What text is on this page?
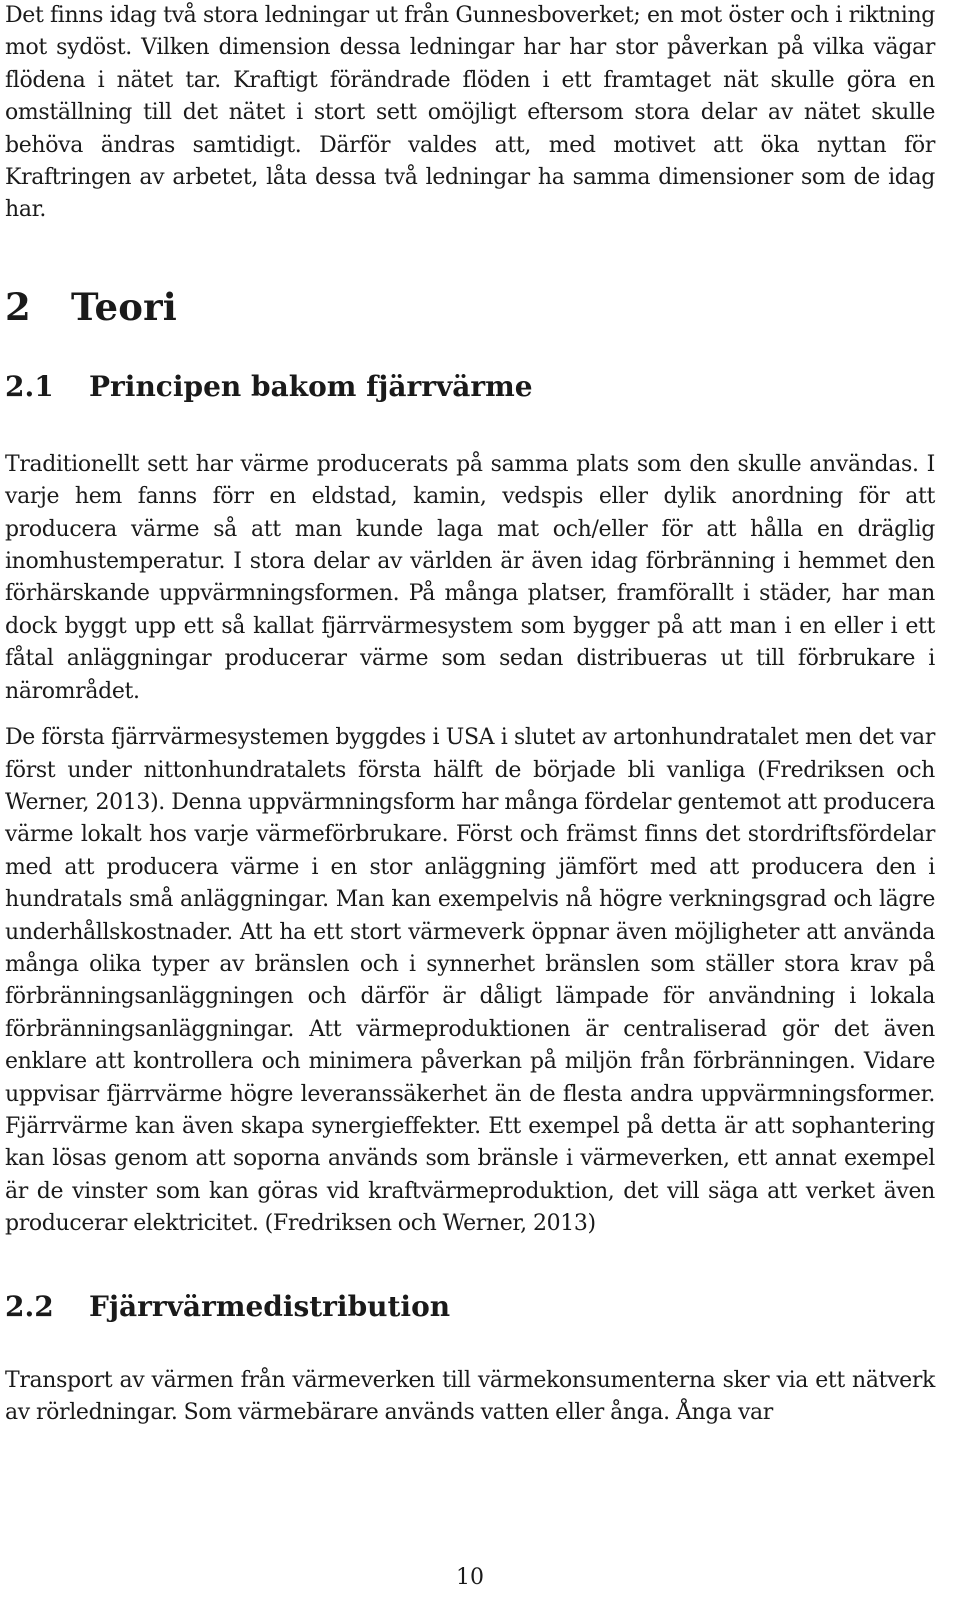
Det finns idag två stora ledningar ut från Gunnesboverket; en mot öster och i riktning mot sydöst. Vilken dimension dessa ledningar har har stor påverkan på vilka vägar flödena i nätet tar. Kraftigt förändrade flöden i ett framtaget nät skulle göra en omställning till det nätet i stort sett omöjligt eftersom stora delar av nätet skulle behöva ändras samtidigt. Därför valdes att, med motivet att öka nyttan för Kraftringen av arbetet, låta dessa två ledningar ha samma dimensioner som de idag har.

2 Teori
2.1 Principen bakom fjärrvärme

Traditionellt sett har värme producerats på samma plats som den skulle användas. I varje hem fanns förr en eldstad, kamin, vedspis eller dylik anordning för att producera värme så att man kunde laga mat och/eller för att hålla en dräglig inomhustemperatur. I stora delar av världen är även idag förbränning i hemmet den förhärskande uppvärmningsformen. På många platser, framförallt i städer, har man dock byggt upp ett så kallat fjärrvärmesystem som bygger på att man i en eller i ett fåtal anläggningar producerar värme som sedan distribueras ut till förbrukare i närområdet.

De första fjärrvärmesystemen byggdes i USA i slutet av artonhundratalet men det var först under nittonhundratalets första hälft de började bli vanliga (Fredriksen och Werner, 2013). Denna uppvärmningsform har många fördelar gentemot att producera värme lokalt hos varje värmeförbrukare. Först och främst finns det stordriftsfördelar med att producera värme i en stor anläggning jämfört med att producera den i hundratals små anläggningar. Man kan exempelvis nå högre verkningsgrad och lägre underhållskostnader. Att ha ett stort värmeverk öppnar även möjligheter att använda många olika typer av bränslen och i synnerhet bränslen som ställer stora krav på förbränningsanläggningen och därför är dåligt lämpade för användning i lokala förbränningsanläggningar. Att värmeproduktionen är centraliserad gör det även enklare att kontrollera och minimera påverkan på miljön från förbränningen. Vidare uppvisar fjärrvärme högre leveranssäkerhet än de flesta andra uppvärmningsformer. Fjärrvärme kan även skapa synergieffekter. Ett exempel på detta är att sophantering kan lösas genom att soporna används som bränsle i värmeverken, ett annat exempel är de vinster som kan göras vid kraftvärmeproduktion, det vill säga att verket även producerar elektricitet. (Fredriksen och Werner, 2013)

2.2 Fjärrvärmedistribution

Transport av värmen från värmeverken till värmekonsumenterna sker via ett nätverk av rörledningar. Som värmebärare används vatten eller ånga. Ånga var

10
